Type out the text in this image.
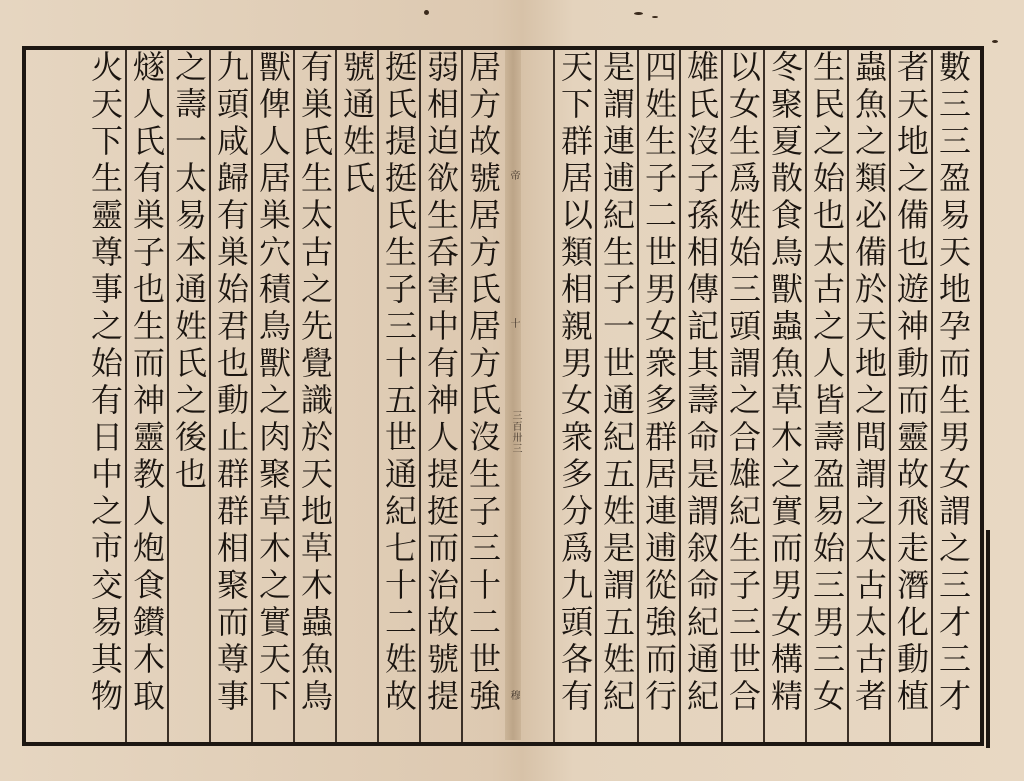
帝
十
三百卅三
穆	數三三盈易天地孕而生男女謂之三才三才
者天地之備也遊神動而靈故飛走潛化動植
蟲魚之類必備於天地之間謂之太古太古者
生民之始也太古之人皆壽盈易始三男三女
冬聚夏散食鳥獸蟲魚草木之實而男女構精
以女生爲姓始三頭謂之合雄紀生子三世合
雄氏沒子孫相傳記其壽命是謂叙命紀通紀
四姓生子二世男女衆多群居連逋從強而行
是謂連逋紀生子一世通紀五姓是謂五姓紀
天下群居以類相親男女衆多分爲九頭各有
居方故號居方氏居方氏沒生子三十二世強
弱相迫欲生呑害中有神人提挺而治故號提
挺氏提挺氏生子三十五世通紀七十二姓故
號通姓氏
有巣氏生太古之先覺識於天地草木蟲魚鳥
獸俾人居巣穴積鳥獸之肉聚草木之實天下
九頭咸歸有巣始君也動止群群相聚而尊事
之壽一太易本通姓氏之後也
燧人氏有巣子也生而神靈教人炮食鑚木取
火天下生靈尊事之始有日中之市交易其物
